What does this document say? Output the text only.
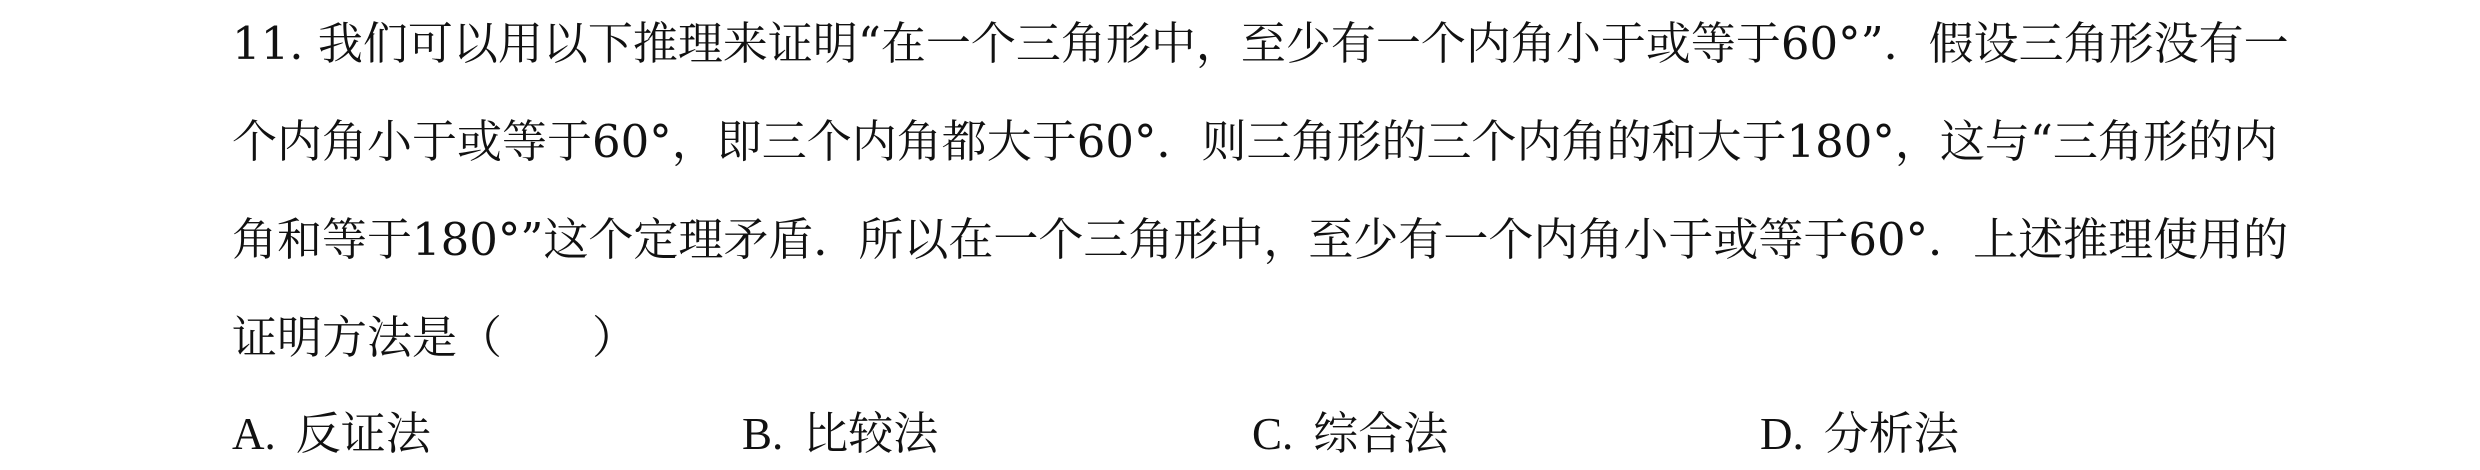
11. 我们可以用以下推理来证明“在一个三角形中，至少有一个内角小于或等于60°”．假设三角形没有一
个内角小于或等于60°，即三个内角都大于60°．则三角形的三个内角的和大于180°，这与“三角形的内
角和等于180°”这个定理矛盾．所以在一个三角形中，至少有一个内角小于或等于60°．上述推理使用的
证明方法是（　　）
A. 反证法	B. 比较法	C. 综合法	D. 分析法
